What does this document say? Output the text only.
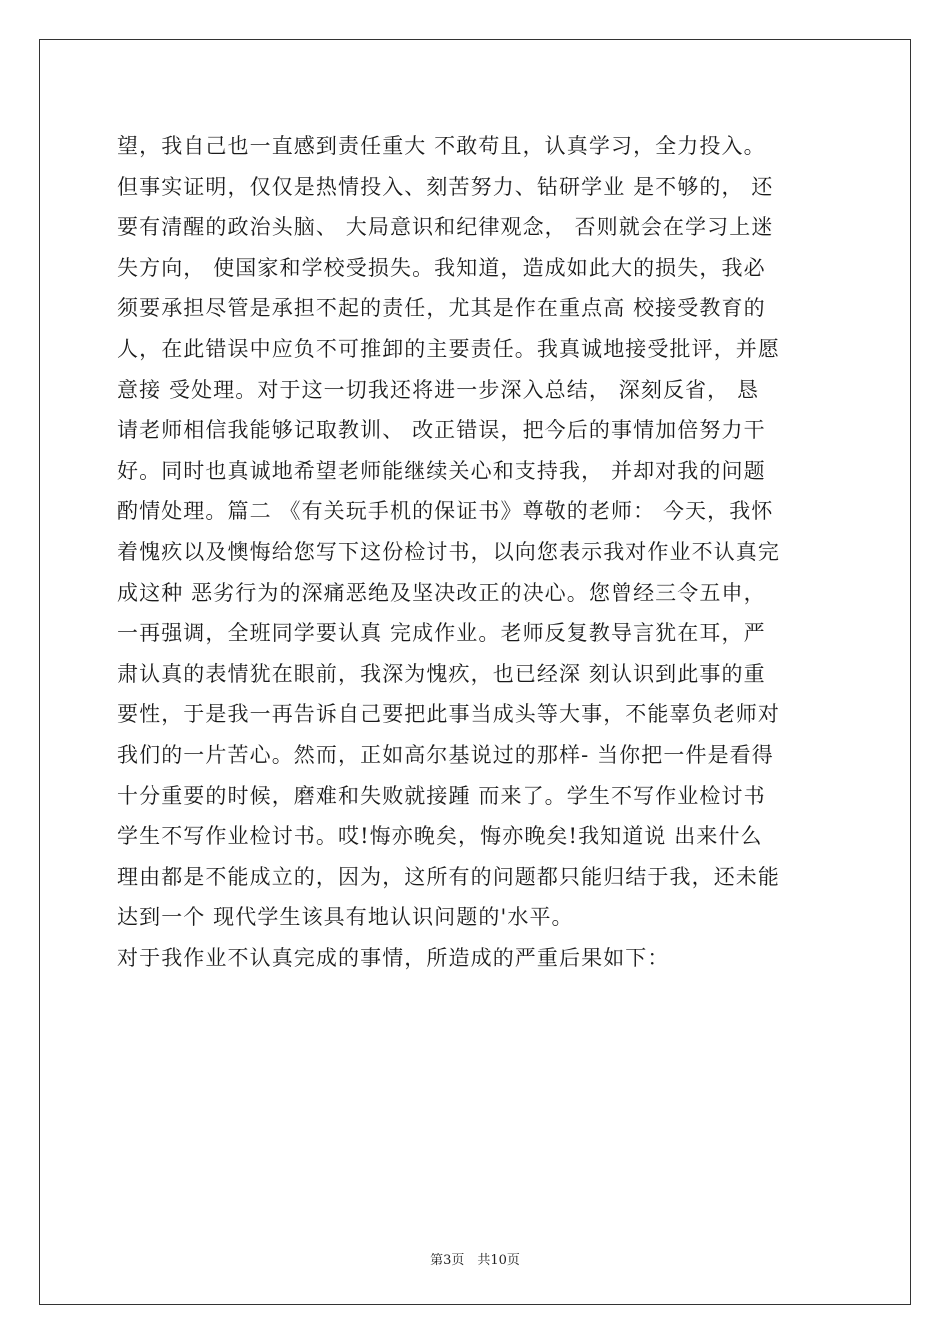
望，我自己也一直感到责任重大 不敢苟且，认真学习，全力投入。

但事实证明，仅仅是热情投入、刻苦努力、钻研学业 是不够的， 还

要有清醒的政治头脑、 大局意识和纪律观念， 否则就会在学习上迷

失方向， 使国家和学校受损失。我知道，造成如此大的损失，我必

须要承担尽管是承担不起的责任，尤其是作在重点高 校接受教育的

人，在此错误中应负不可推卸的主要责任。我真诚地接受批评，并愿

意接 受处理。对于这一切我还将进一步深入总结， 深刻反省， 恳

请老师相信我能够记取教训、 改正错误，把今后的事情加倍努力干

好。同时也真诚地希望老师能继续关心和支持我， 并却对我的问题

酌情处理。篇二 《有关玩手机的保证书》尊敬的老师： 今天，我怀

着愧疚以及懊悔给您写下这份检讨书，以向您表示我对作业不认真完

成这种 恶劣行为的深痛恶绝及坚决改正的决心。您曾经三令五申，

一再强调，全班同学要认真 完成作业。老师反复教导言犹在耳，严

肃认真的表情犹在眼前，我深为愧疚，也已经深 刻认识到此事的重

要性，于是我一再告诉自己要把此事当成头等大事，不能辜负老师对

我们的一片苦心。然而，正如高尔基说过的那样- 当你把一件是看得

十分重要的时候，磨难和失败就接踵 而来了。学生不写作业检讨书

学生不写作业检讨书。哎!悔亦晚矣，悔亦晚矣!我知道说 出来什么

理由都是不能成立的，因为，这所有的问题都只能归结于我，还未能

达到一个 现代学生该具有地认识问题的'水平。

对于我作业不认真完成的事情，所造成的严重后果如下：

第3页　共10页
